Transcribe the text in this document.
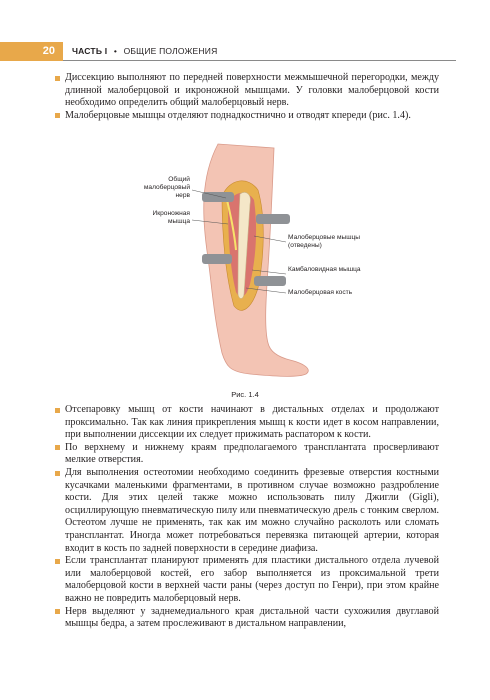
20	ЧАСТЬ I • ОБЩИЕ ПОЛОЖЕНИЯ

Диссекцию выполняют по передней поверхности межмышечной перегородки, между длинной малоберцовой и икроножной мышцами. У головки малоберцовой кости необходимо определить общий малоберцовый нерв.

Малоберцовые мышцы отделяют поднадкостнично и отводят кпереди (рис. 1.4).

Общий малоберцовый нерв
Икроножная мышца
Малоберцовые мышцы (отведены)
Камбаловидная мышца
Малоберцовая кость
Рис. 1.4

Отсепаровку мышц от кости начинают в дистальных отделах и продолжают проксимально. Так как линия прикрепления мышц к кости идет в косом направлении, при выполнении диссекции их следует прижимать распатором к кости.

По верхнему и нижнему краям предполагаемого трансплантата просверливают мелкие отверстия.

Для выполнения остеотомии необходимо соединить фрезевые отверстия костными кусачками маленькими фрагментами, в противном случае возможно раздробление кости. Для этих целей также можно использовать пилу Джигли (Gigli), осциллирующую пневматическую пилу или пневматическую дрель с тонким сверлом. Остеотом лучше не применять, так как им можно случайно расколоть или сломать трансплантат. Иногда может потребоваться перевязка питающей артерии, которая входит в кость по задней поверхности в середине диафиза.

Если трансплантат планируют применять для пластики дистального отдела лучевой или малоберцовой костей, его забор выполняется из проксимальной трети малоберцовой кости в верхней части раны (через доступ по Генри), при этом крайне важно не повредить малоберцовый нерв.

Нерв выделяют у заднемедиального края дистальной части сухожилия двуглавой мышцы бедра, а затем прослеживают в дистальном направлении,
